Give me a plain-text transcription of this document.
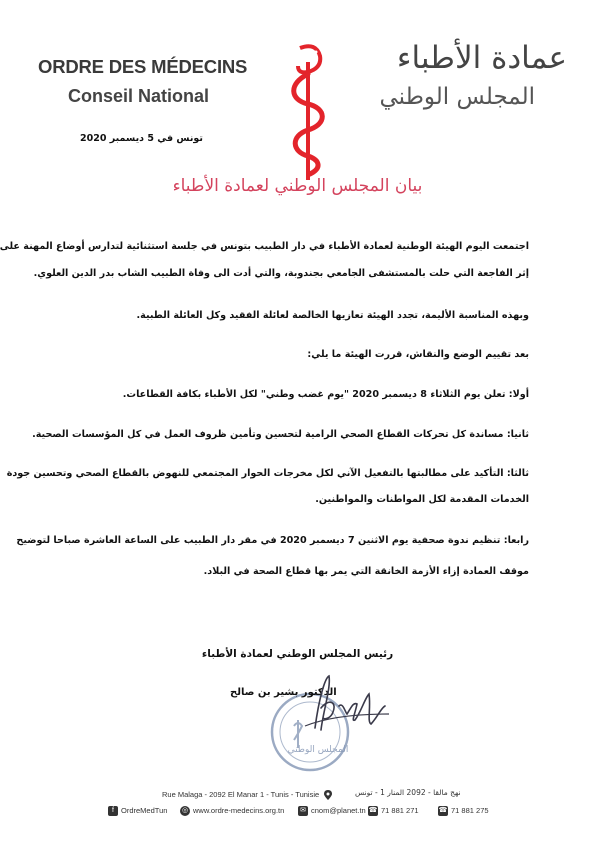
ORDRE DES MÉDECINS
Conseil National
عمادة الأطباء
المجلس الوطني
تونس في 5 ديسمبر 2020
بيان المجلس الوطني لعمادة الأطباء
اجتمعت اليوم الهيئة الوطنية لعمادة الأطباء في دار الطبيب بتونس في جلسة استثنائية لتدارس أوضاع المهنة على
إثر الفاجعة التي حلت بالمستشفى الجامعي بجندوبة، والتي أدت الى وفاة الطبيب الشاب بدر الدين العلوي.
وبهذه المناسبة الأليمة، تجدد الهيئة تعازيها الخالصة لعائلة الفقيد وكل العائلة الطبية.
بعد تقييم الوضع والنقاش، قررت الهيئة ما يلي:
أولا: تعلن يوم الثلاثاء 8 ديسمبر 2020 "يوم غضب وطني" لكل الأطباء بكافة القطاعات.
ثانيا: مساندة كل تحركات القطاع الصحي الرامية لتحسين وتأمين ظروف العمل في كل المؤسسات الصحية.
ثالثا: التأكيد على مطالبتها بالتفعيل الآني لكل مخرجات الحوار المجتمعي للنهوض بالقطاع الصحي وتحسين جودة
الخدمات المقدمة لكل المواطنات والمواطنين.
رابعا: تنظيم ندوة صحفية يوم الاثنين 7 ديسمبر 2020 في مقر دار الطبيب على الساعة العاشرة صباحا لتوضيح
موقف العمادة إزاء الأزمة الخانقة التي يمر بها قطاع الصحة في البلاد.
رئيس المجلس الوطني لعمادة الأطباء
المجلس الوطني
الدكتور بشير بن صالح
Rue Malaga - 2092 El Manar 1 - Tunis - Tunisie	نهج مالقا - 2092 المنار 1 - تونس
f OrdreMedTun ◎ www.ordre-medecins.org.tn ✉ cnom@planet.tn ☎ 71 881 271	☎ 71 881 275
